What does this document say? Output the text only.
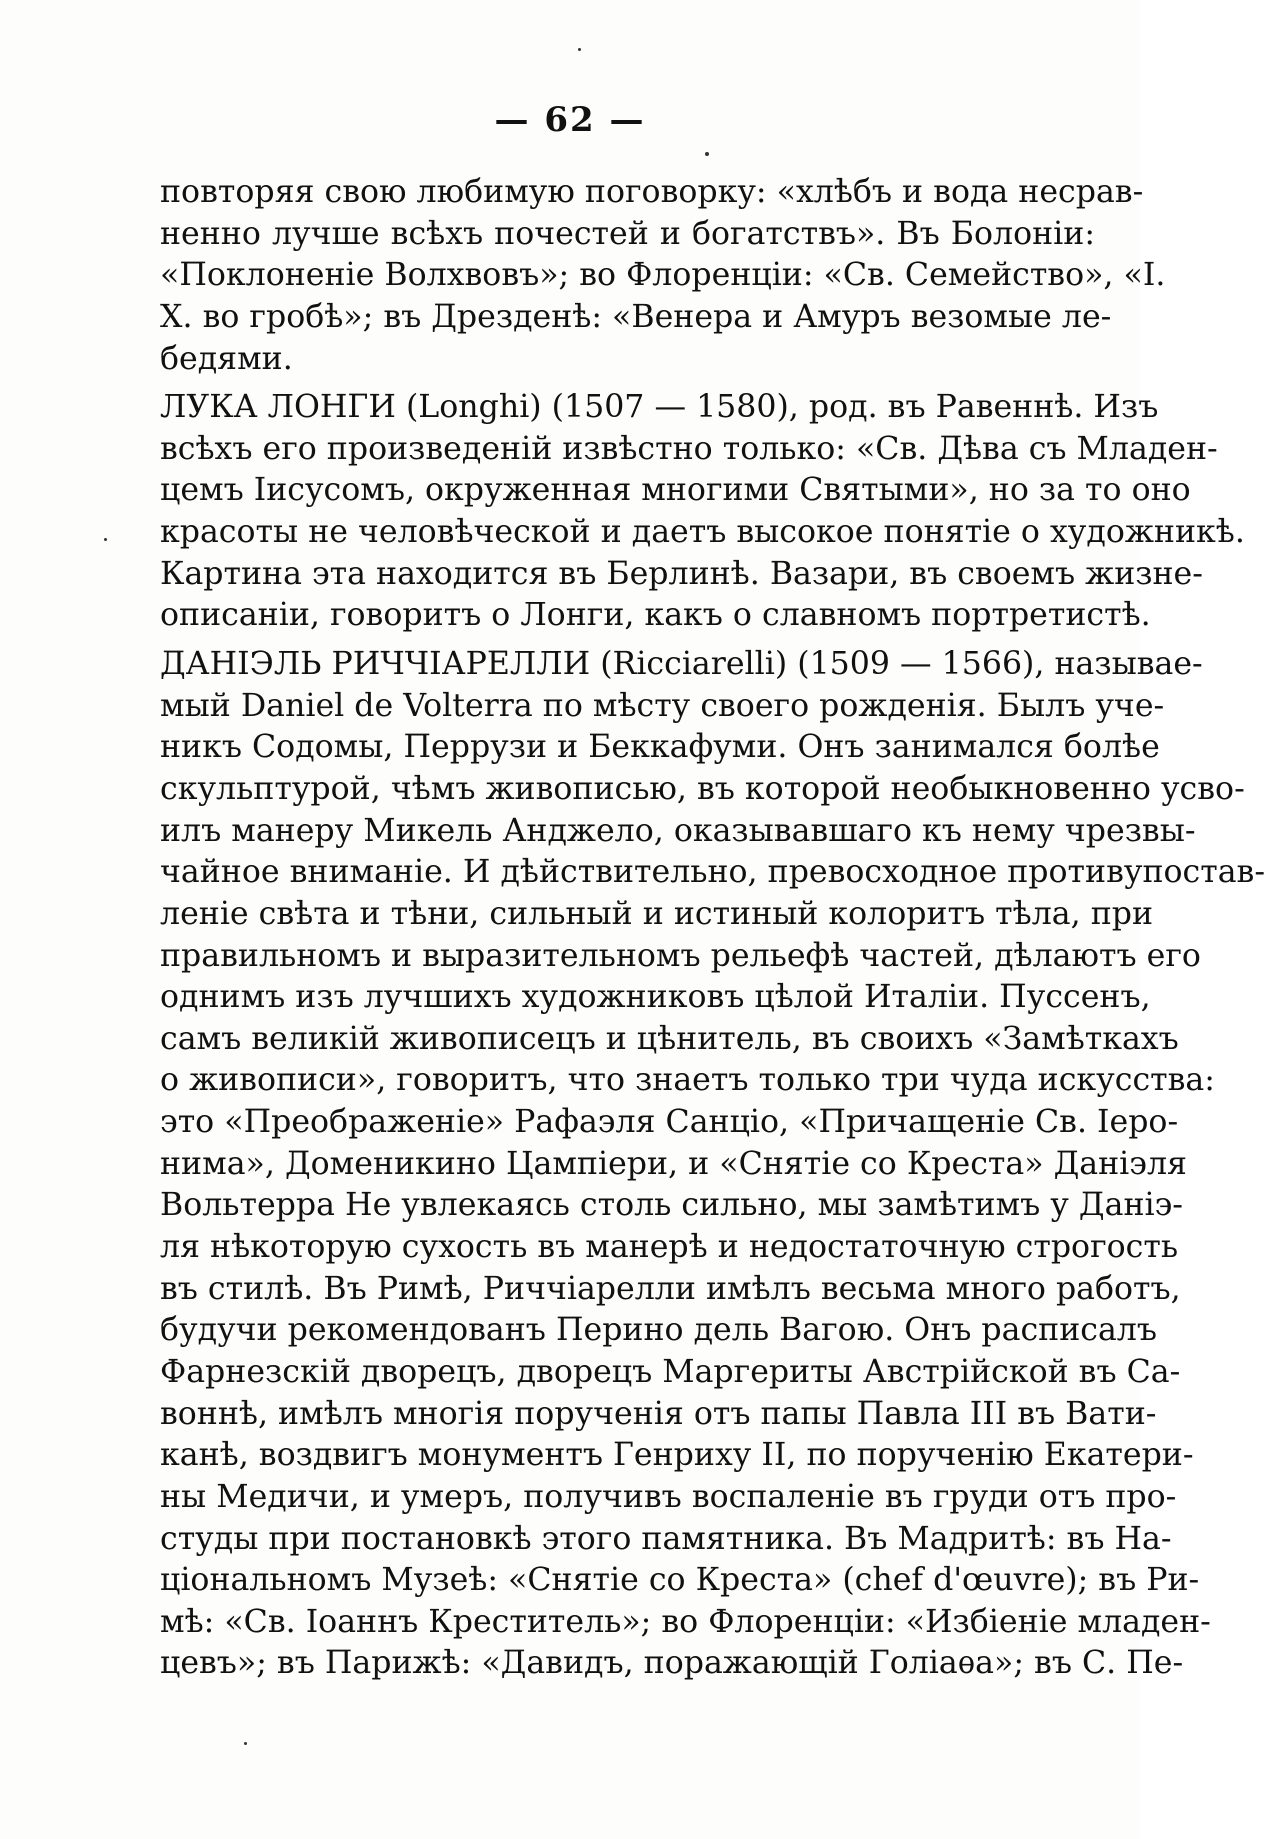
— 62 —
повторяя свою любимую поговорку: «хлѣбъ и вода несрав-
ненно лучше всѣхъ почестей и богатствъ». Въ Болоніи:
«Поклоненіе Волхвовъ»; во Флоренціи: «Св. Семейство», «I.
Х. во гробѣ»; въ Дрезденѣ: «Венера и Амуръ везомые ле-
бедями.
ЛУКА ЛОНГИ (Longhi) (1507 — 1580), род. въ Равеннѣ. Изъ
всѣхъ его произведеній извѣстно только: «Св. Дѣва съ Младен-
цемъ Іисусомъ, окруженная многими Святыми», но за то оно
красоты не человѣческой и даетъ высокое понятіе о художникѣ.
Картина эта находится въ Берлинѣ. Вазари, въ своемъ жизне-
описаніи, говоритъ о Лонги, какъ о славномъ портретистѣ.
ДАНІЭЛЬ РИЧЧІАРЕЛЛИ (Ricciarelli) (1509 — 1566), называе-
мый Daniel de Volterra по мѣсту своего рожденія. Былъ уче-
никъ Содомы, Перрузи и Беккафуми. Онъ занимался болѣе
скульптурой, чѣмъ живописью, въ которой необыкновенно усво-
илъ манеру Микель Анджело, оказывавшаго къ нему чрезвы-
чайное вниманіе. И дѣйствительно, превосходное противупостав-
леніе свѣта и тѣни, сильный и истиный колоритъ тѣла, при
правильномъ и выразительномъ рельефѣ частей, дѣлаютъ его
однимъ изъ лучшихъ художниковъ цѣлой Италіи. Пуссенъ,
самъ великій живописецъ и цѣнитель, въ своихъ «Замѣткахъ
о живописи», говоритъ, что знаетъ только три чуда искусства:
это «Преображеніе» Рафаэля Санціо, «Причащеніе Св. Іеро-
нима», Доменикино Цампіери, и «Снятіе со Креста» Даніэля
Вольтерра Не увлекаясь столь сильно, мы замѣтимъ у Даніэ-
ля нѣкоторую сухость въ манерѣ и недостаточную строгость
въ стилѣ. Въ Римѣ, Риччіарелли имѣлъ весьма много работъ,
будучи рекомендованъ Перино дель Вагою. Онъ расписалъ
Фарнезскій дворецъ, дворецъ Маргериты Австрійской въ Са-
воннѣ, имѣлъ многія порученія отъ папы Павла III въ Вати-
канѣ, воздвигъ монументъ Генриху II, по порученію Екатери-
ны Медичи, и умеръ, получивъ воспаленіе въ груди отъ про-
студы при постановкѣ этого памятника. Въ Мадритѣ: въ На-
ціональномъ Музеѣ: «Снятіе со Креста» (chef d'œuvre); въ Ри-
мѣ: «Св. Іоаннъ Креститель»; во Флоренціи: «Избіеніе младен-
цевъ»; въ Парижѣ: «Давидъ, поражающій Голіаѳа»; въ С. Пе-
